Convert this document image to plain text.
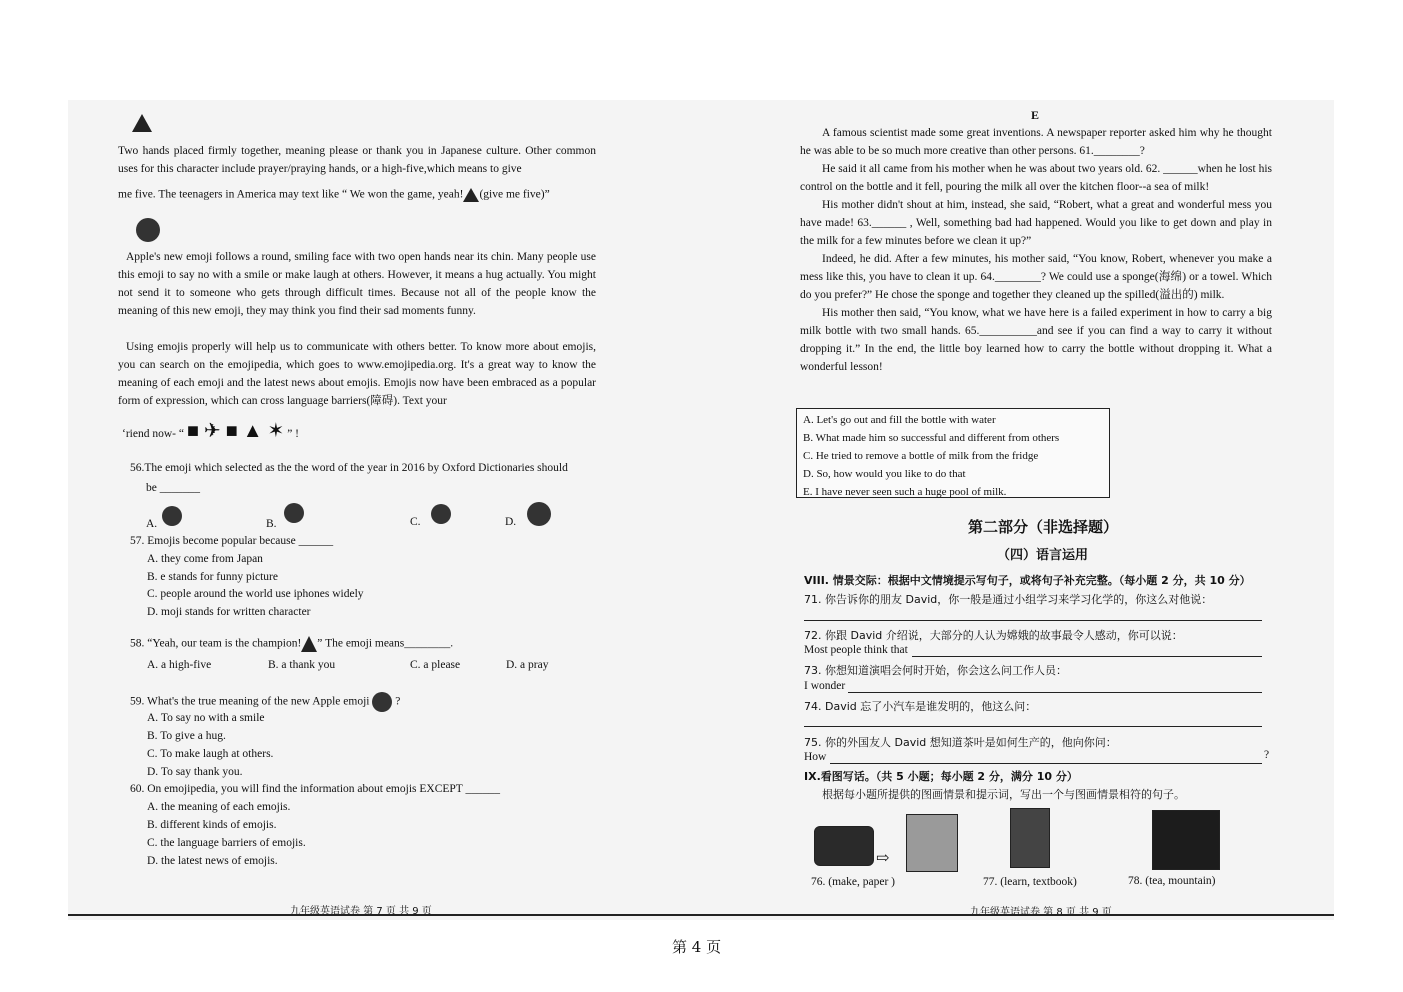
Two hands placed firmly together, meaning please or thank you in Japanese culture. Other common uses for this character include prayer/praying hands, or a high-five,which means to give

me five. The teenagers in America may text like “ We won the game, yeah! (give me five)”

Apple's new emoji follows a round, smiling face with two open hands near its chin. Many people use this emoji to say no with a smile or make laugh at others. However, it means a hug actually. You might not send it to someone who gets through difficult times. Because not all of the people know the meaning of this new emoji, they may think you find their sad moments funny.

Using emojis properly will help us to communicate with others better. To know more about emojis, you can search on the emojipedia, which goes to www.emojipedia.org. It's a great way to know the meaning of each emoji and the latest news about emojis. Emojis now have been embraced as a popular form of expression, which can cross language barriers(障碍). Text your

‘riend now- “ ■ ✈ ■ ▲ ✶ ” !
56.The emoji which selected as the the word of the year in 2016 by Oxford Dictionaries should
be _______
A.	B.	C.	D.
57. Emojis become popular because ______
A. they come from Japan
B. e stands for funny picture
C. people around the world use iphones widely
D. moji stands for written character
58. “Yeah, our team is the champion! ” The emoji means________.
A. a high-five	B. a thank you	C. a please	D. a pray
59. What's the true meaning of the new Apple emoji ?
A. To say no with a smile
B. To give a hug.
C. To make laugh at others.
D. To say thank you.
60. On emojipedia, you will find the information about emojis EXCEPT ______
A. the meaning of each emojis.
B. different kinds of emojis.
C. the language barriers of emojis.
D. the latest news of emojis.
九年级英语试卷 第 7 页 共 9 页
E

A famous scientist made some great inventions. A newspaper reporter asked him why he thought he was able to be so much more creative than other persons. 61.________?

He said it all came from his mother when he was about two years old. 62. ______when he lost his control on the bottle and it fell, pouring the milk all over the kitchen floor--a sea of milk!

His mother didn't shout at him, instead, she said, “Robert, what a great and wonderful mess you have made! 63.______ , Well, something bad had happened. Would you like to get down and play in the milk for a few minutes before we clean it up?”

Indeed, he did. After a few minutes, his mother said, “You know, Robert, whenever you make a mess like this, you have to clean it up. 64.________? We could use a sponge(海绵) or a towel. Which do you prefer?” He chose the sponge and together they cleaned up the spilled(溢出的) milk.

His mother then said, “You know, what we have here is a failed experiment in how to carry a big milk bottle with two small hands. 65.__________and see if you can find a way to carry it without dropping it.” In the end, the little boy learned how to carry the bottle without dropping it. What a wonderful lesson!

A. Let's go out and fill the bottle with water
B. What made him so successful and different from others
C. He tried to remove a bottle of milk from the fridge
D. So, how would you like to do that
E. I have never seen such a huge pool of milk.
第二部分（非选择题）
（四）语言运用
VIII. 情景交际：根据中文情境提示写句子，或将句子补充完整。（每小题 2 分，共 10 分）
71. 你告诉你的朋友 David，你一般是通过小组学习来学习化学的，你这么对他说：
72. 你跟 David 介绍说，大部分的人认为嫦娥的故事最令人感动，你可以说：
Most people think that
73. 你想知道演唱会何时开始，你会这么问工作人员：
I wonder
74. David 忘了小汽车是谁发明的，他这么问：
75. 你的外国友人 David 想知道茶叶是如何生产的，他向你问：
How	?
IX.看图写话。（共 5 小题；每小题 2 分，满分 10 分）
根据每小题所提供的图画情景和提示词，写出一个与图画情景相符的句子。
⇨
76. (make, paper )	77. (learn, textbook)	78. (tea, mountain)
九年级英语试卷 第 8 页 共 9 页
第 4 页
